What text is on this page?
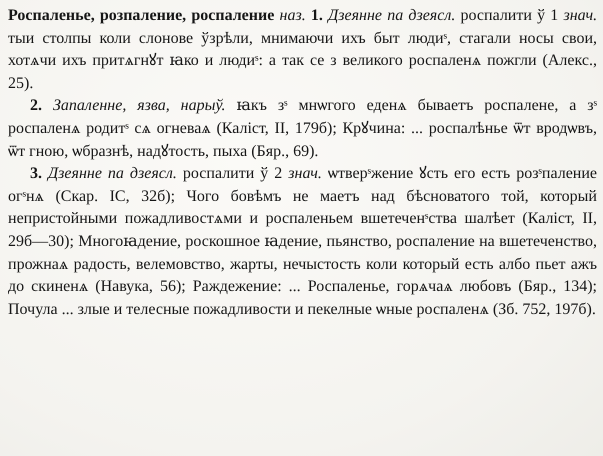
Роспаленье, розпаление, роспаление наз. 1. Дзеянне па дзеясл. роспалити ў 1 знач. тыи столпы коли слонове ўзрѣли, мнимаючи ихъ быт людиˢ, стагали носы свои, хотѧчи ихъ притѧгнꙋт ꙗко и людиˢ: а так се з великого роспаленѧ пожгли (Алекс., 25).

2. Запаленне, язва, нарыў. ꙗкъ зˢ мнѡгого еденѧ бываетъ роспалене, а зˢ роспаленѧ родитˢ сѧ огневаѧ (Каліст, II, 179б); Крꙋчина: ... роспалѣнье ѿт вродѡвъ, ѿт гною, ѡбразнѣ, надꙋтость, пыха (Бяр., 69).

3. Дзеянне па дзеясл. роспалити ў 2 знач. ѡтверˢжение ꙋсть его есть розˢпаление огˢнѧ (Скар. ІС, 32б); Чого бовѣмъ не маетъ над бѣсноватого той, который непристойными пожадливостѧми и роспаленьем вшетеченˢства шалѣет (Каліст, II, 29б—30); Многоꙗдение, роскошное ꙗдение, пьянство, роспаление на вшетеченство, прожнаѧ радость, велемовство, жарты, нечыстость коли который есть албо пьет ажъ до скиненѧ (Навука, 56); Раждежение: ... Роспаленье, горѧчаѧ любовъ (Бяр., 134); Почула ... злые и телесные пожадливости и пекелные ѡные роспаленѧ (Зб. 752, 197б).
